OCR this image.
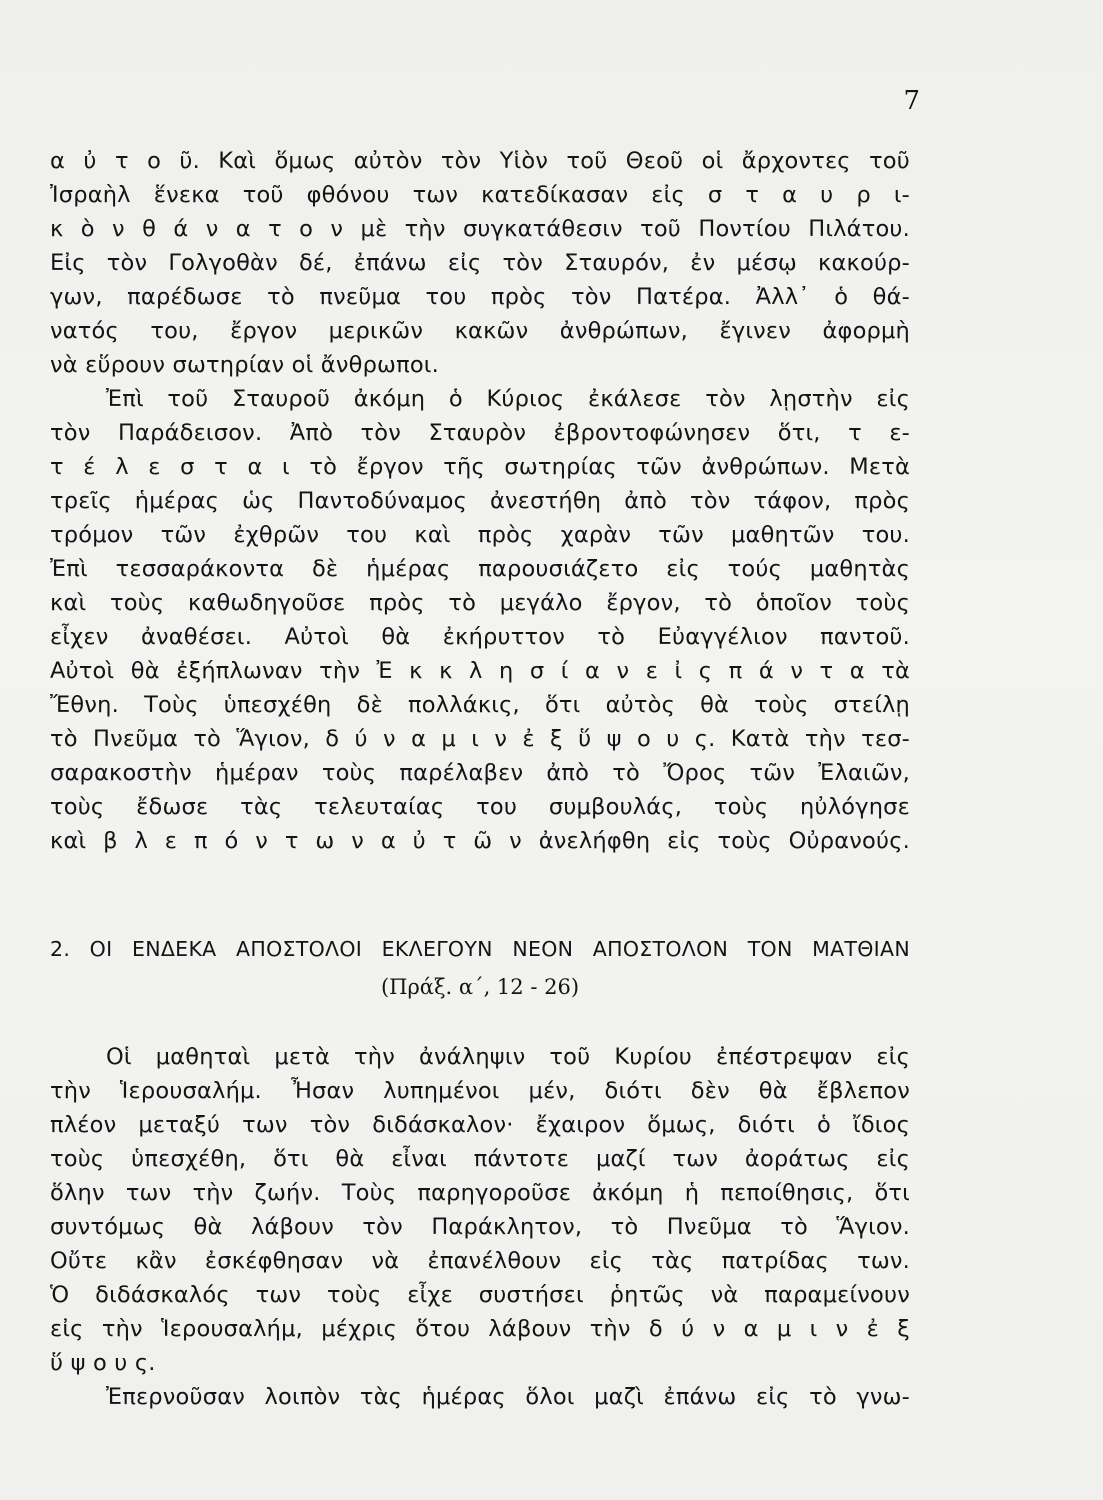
7
α ὐ τ ο ῦ. Καὶ ὅμως αὐτὸν τὸν Υἱὸν τοῦ Θεοῦ οἱ ἄρχοντες τοῦ
Ἰσραὴλ ἕνεκα τοῦ φθόνου των κατεδίκασαν εἰς σ τ α υ ρ ι-
κ ὸ ν θ ά ν α τ ο ν μὲ τὴν συγκατάθεσιν τοῦ Ποντίου Πιλάτου.
Εἰς τὸν Γολγοθὰν δέ, ἐπάνω εἰς τὸν Σταυρόν, ἐν μέσῳ κακούρ-
γων, παρέδωσε τὸ πνεῦμα του πρὸς τὸν Πατέρα. Ἀλλ᾽ ὁ θά-
νατός του, ἔργον μερικῶν κακῶν ἀνθρώπων, ἔγινεν ἀφορμὴ
νὰ εὕρουν σωτηρίαν οἱ ἄνθρωποι.
Ἐπὶ τοῦ Σταυροῦ ἀκόμη ὁ Κύριος ἐκάλεσε τὸν λῃστὴν εἰς
τὸν Παράδεισον. Ἀπὸ τὸν Σταυρὸν ἐβροντοφώνησεν ὅτι, τ ε-
τ έ λ ε σ τ α ι τὸ ἔργον τῆς σωτηρίας τῶν ἀνθρώπων. Μετὰ
τρεῖς ἡμέρας ὡς Παντοδύναμος ἀνεστήθη ἀπὸ τὸν τάφον, πρὸς
τρόμον τῶν ἐχθρῶν του καὶ πρὸς χαρὰν τῶν μαθητῶν του.
Ἐπὶ τεσσαράκοντα δὲ ἡμέρας παρουσιάζετο εἰς τούς μαθητὰς
καὶ τοὺς καθωδηγοῦσε πρὸς τὸ μεγάλο ἔργον, τὸ ὁποῖον τοὺς
εἶχεν ἀναθέσει. Αὐτοὶ θὰ ἐκήρυττον τὸ Εὐαγγέλιον παντοῦ.
Αὐτοὶ θὰ ἐξήπλωναν τὴν Ἐ κ κ λ η σ ί α ν ε ἰ ς π ά ν τ α τὰ
Ἔθνη. Τοὺς ὑπεσχέθη δὲ πολλάκις, ὅτι αὐτὸς θὰ τοὺς στείλῃ
τὸ Πνεῦμα τὸ Ἅγιον, δ ύ ν α μ ι ν ἐ ξ ὕ ψ ο υ ς. Κατὰ τὴν τεσ-
σαρακοστὴν ἡμέραν τοὺς παρέλαβεν ἀπὸ τὸ Ὄρος τῶν Ἐλαιῶν,
τοὺς ἔδωσε τὰς τελευταίας του συμβουλάς, τοὺς ηὐλόγησε
καὶ β λ ε π ό ν τ ω ν α ὐ τ ῶ ν ἀνελήφθη εἰς τοὺς Οὐρανούς.
2. ΟΙ ΕΝΔΕΚΑ ΑΠΟΣΤΟΛΟΙ ΕΚΛΕΓΟΥΝ ΝΕΟΝ ΑΠΟΣΤΟΛΟΝ ΤΟΝ ΜΑΤΘΙΑΝ
(Πράξ. α΄, 12 - 26)
Οἱ μαθηταὶ μετὰ τὴν ἀνάληψιν τοῦ Κυρίου ἐπέστρεψαν εἰς
τὴν Ἱερουσαλήμ. Ἦσαν λυπημένοι μέν, διότι δὲν θὰ ἔβλεπον
πλέον μεταξύ των τὸν διδάσκαλον· ἔχαιρον ὅμως, διότι ὁ ἴδιος
τοὺς ὑπεσχέθη, ὅτι θὰ εἶναι πάντοτε μαζί των ἀοράτως εἰς
ὅλην των τὴν ζωήν. Τοὺς παρηγοροῦσε ἀκόμη ἡ πεποίθησις, ὅτι
συντόμως θὰ λάβουν τὸν Παράκλητον, τὸ Πνεῦμα τὸ Ἅγιον.
Οὔτε κἂν ἐσκέφθησαν νὰ ἐπανέλθουν εἰς τὰς πατρίδας των.
Ὁ διδάσκαλός των τοὺς εἶχε συστήσει ῥητῶς νὰ παραμείνουν
εἰς τὴν Ἱερουσαλήμ, μέχρις ὅτου λάβουν τὴν δ ύ ν α μ ι ν ἐ ξ
ὕ ψ ο υ ς.
Ἐπερνοῦσαν λοιπὸν τὰς ἡμέρας ὅλοι μαζὶ ἐπάνω εἰς τὸ γνω-
